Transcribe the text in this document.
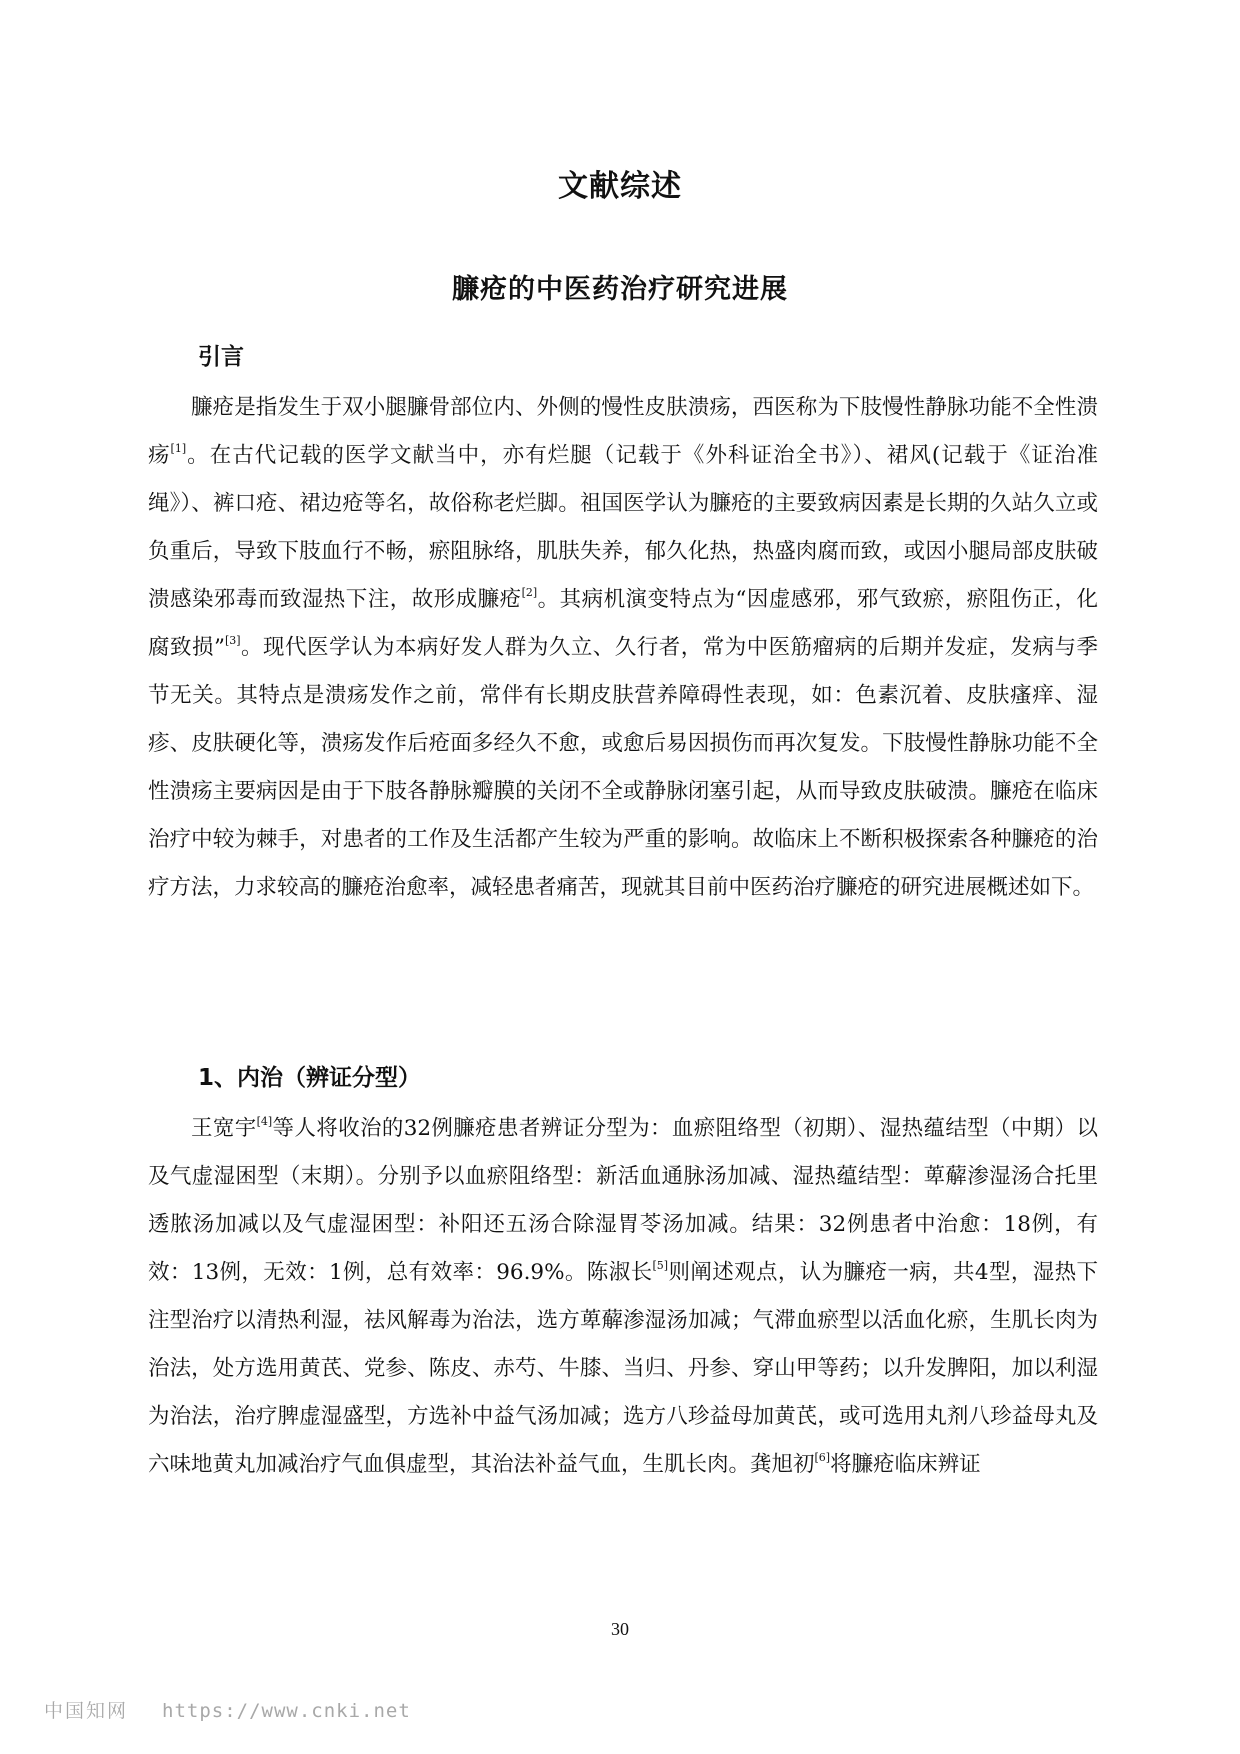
文献综述
臁疮的中医药治疗研究进展
引言

臁疮是指发生于双小腿臁骨部位内、外侧的慢性皮肤溃疡，西医称为下肢慢性静脉功能不全性溃疡[1]。在古代记载的医学文献当中，亦有烂腿（记载于《外科证治全书》）、裙风(记载于《证治准绳》）、裤口疮、裙边疮等名，故俗称老烂脚。祖国医学认为臁疮的主要致病因素是长期的久站久立或负重后，导致下肢血行不畅，瘀阻脉络，肌肤失养，郁久化热，热盛肉腐而致，或因小腿局部皮肤破溃感染邪毒而致湿热下注，故形成臁疮[2]。其病机演变特点为“因虚感邪，邪气致瘀，瘀阻伤正，化腐致损”[3]。现代医学认为本病好发人群为久立、久行者，常为中医筋瘤病的后期并发症，发病与季节无关。其特点是溃疡发作之前，常伴有长期皮肤营养障碍性表现，如：色素沉着、皮肤瘙痒、湿疹、皮肤硬化等，溃疡发作后疮面多经久不愈，或愈后易因损伤而再次复发。下肢慢性静脉功能不全性溃疡主要病因是由于下肢各静脉瓣膜的关闭不全或静脉闭塞引起，从而导致皮肤破溃。臁疮在临床治疗中较为棘手，对患者的工作及生活都产生较为严重的影响。故临床上不断积极探索各种臁疮的治疗方法，力求较高的臁疮治愈率，减轻患者痛苦，现就其目前中医药治疗臁疮的研究进展概述如下。

1、内治（辨证分型）

王宽宇[4]等人将收治的32例臁疮患者辨证分型为：血瘀阻络型（初期）、湿热蕴结型（中期）以及气虚湿困型（末期）。分别予以血瘀阻络型：新活血通脉汤加减、湿热蕴结型：萆薢渗湿汤合托里透脓汤加减以及气虚湿困型：补阳还五汤合除湿胃苓汤加减。结果：32例患者中治愈：18例，有效：13例，无效：1例，总有效率：96.9%。陈淑长[5]则阐述观点，认为臁疮一病，共4型，湿热下注型治疗以清热利湿，祛风解毒为治法，选方萆薢渗湿汤加减；气滞血瘀型以活血化瘀，生肌长肉为治法，处方选用黄芪、党参、陈皮、赤芍、牛膝、当归、丹参、穿山甲等药；以升发脾阳，加以利湿为治法，治疗脾虚湿盛型，方选补中益气汤加减；选方八珍益母加黄芪，或可选用丸剂八珍益母丸及六味地黄丸加减治疗气血俱虚型，其治法补益气血，生肌长肉。龚旭初[6]将臁疮临床辨证

30
中国知网 https://www.cnki.net
